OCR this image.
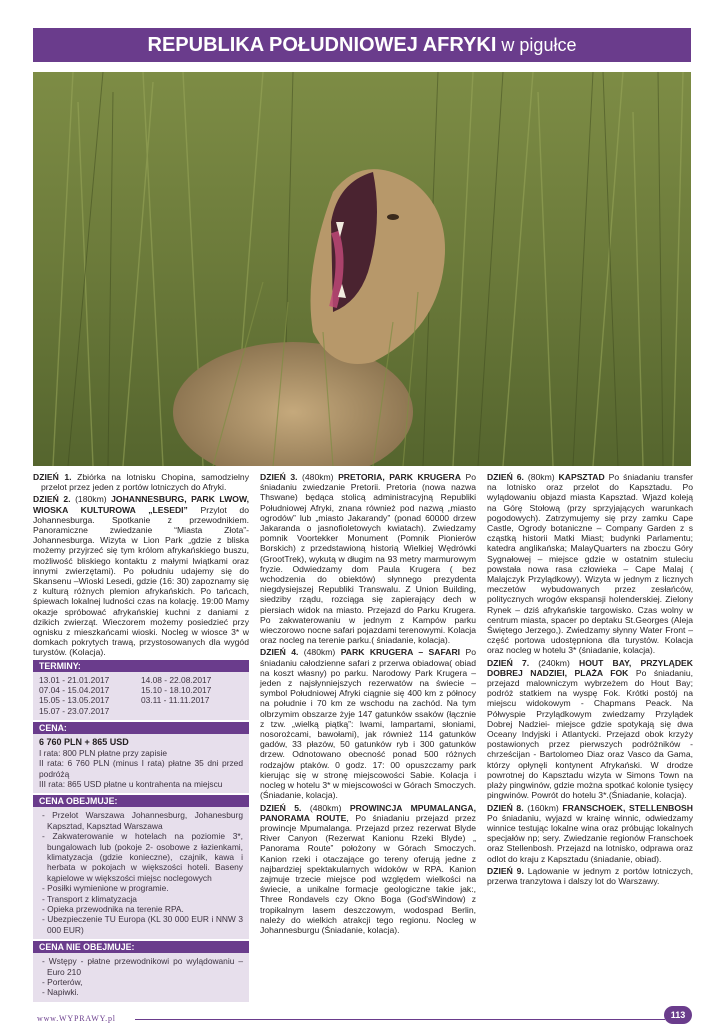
REPUBLIKA POŁUDNIOWEJ AFRYKI w pigułce

DZIEŃ 1. Zbiórka na lotnisku Chopina, samodzielny przelot przez jeden z portów lotniczych do Afryki.

DZIEŃ 2. (180km) JOHANNESBURG, PARK LWOW, WIOSKA KULTUROWA „LESEDI” Przylot do Johannesburga. Spotkanie z przewodnikiem. Panoramiczne zwiedzanie “Miasta Złota”- Johannesburga. Wizyta w Lion Park „gdzie z bliska możemy przyjrzeć się tym królom afrykańskiego buszu, możliwość bliskiego kontaktu z małymi lwiątkami oraz innymi zwierzętami). Po południu udajemy się do Skansenu –Wioski Lesedi, gdzie (16: 30) zapoznamy się z kulturą różnych plemion afrykańskich. Po tańcach, śpiewach lokalnej ludności czas na kolację. 19:00 Mamy okazje spróbować afrykańskiej kuchni z daniami z dzikich zwierząt. Wieczorem możemy posiedzieć przy ognisku z mieszkańcami wioski. Nocleg w wiosce 3* w domkach pokrytych trawą, przystosowanych dla wygód turystów. (Kolacja).

TERMINY:
13.01 - 21.01.2017	14.08 - 22.08.2017
07.04 - 15.04.2017	15.10 - 18.10.2017
15.05 - 13.05.2017	03.11 - 11.11.2017
15.07 - 23.07.2017
CENA:
6 760 PLN + 865 USD
I rata: 800 PLN płatne przy zapisie
II rata: 6 760 PLN (minus I rata) płatne 35 dni przed podróżą
III rata: 865 USD płatne u kontrahenta na miejscu
CENA OBEJMUJE:
- Przelot Warszawa Johannesburg, Johanesburg Kapsztad, Kapsztad Warszawa
- Zakwaterowanie w hotelach na poziomie 3*, bungalowach lub (pokoje 2- osobowe z łazienkami, klimatyzacja (gdzie konieczne), czajnik, kawa i herbata w pokojach w większości hoteli. Baseny kąpielowe w większości miejsc noclegowych
- Posiłki wymienione w programie.
- Transport z klimatyzacja
- Opieka przewodnika na terenie RPA.
- Ubezpieczenie TU Europa (KL 30 000 EUR i NNW 3 000 EUR)
CENA NIE OBEJMUJE:
- Wstępy - płatne przewodnikowi po wylądowaniu – Euro 210
- Porterów,
- Napiwki.

DZIEŃ 3. (480km) PRETORIA, PARK KRUGERA Po śniadaniu zwiedzanie Pretorii. Pretoria (nowa nazwa Thswane) będąca stolicą administracyjną Republiki Południowej Afryki, znana również pod nazwą „miasto ogrodów” lub „miasto Jakarandy” (ponad 60000 drzew Jakaranda o jasnofioletowych kwiatach). Zwiedzamy pomnik Voortekker Monument (Pomnik Pionierów Borskich) z przedstawioną historią Wielkiej Wędrówki (GrootTrek), wykutą w długim na 93 metry marmurowym fryzie. Odwiedzamy dom Paula Krugera ( bez wchodzenia do obiektów) słynnego prezydenta niegdysiejszej Republiki Transwalu. Z Union Building, siedziby rządu, rozciąga się zapierający dech w piersiach widok na miasto. Przejazd do Parku Krugera. Po zakwaterowaniu w jednym z Kampów parku wieczorowo nocne safari pojazdami terenowymi. Kolacja oraz nocleg na terenie parku.( śniadanie, kolacja).

DZIEŃ 4. (480km) PARK KRUGERA – SAFARI Po śniadaniu całodzienne safari z przerwa obiadowa( obiad na koszt własny) po parku. Narodowy Park Krugera – jeden z najsłynniejszych rezerwatów na świecie – symbol Południowej Afryki ciągnie się 400 km z północy na południe i 70 km ze wschodu na zachód. Na tym olbrzymim obszarze żyje 147 gatunków ssaków (łącznie z tzw. „wielką piątką”: lwami, lampartami, słoniami, nosorożcami, bawołami), jak również 114 gatunków gadów, 33 płazów, 50 gatunków ryb i 300 gatunków drzew. Odnotowano obecność ponad 500 różnych rodzajów ptaków. 0 godz. 17: 00 opuszczamy park kierując się w stronę miejscowości Sabie. Kolacja i nocleg w hotelu 3* w miejscowości w Górach Smoczych. (Śniadanie, kolacja).

DZIEŃ 5. (480km) PROWINCJA MPUMALANGA, PANORAMA ROUTE, Po śniadaniu przejazd przez prowincje Mpumalanga. Przejazd przez rezerwat Blyde River Canyon (Rezerwat Kanionu Rzeki Blyde) „ Panorama Route” położony w Górach Smoczych. Kanion rzeki i otaczające go tereny oferują jedne z najbardziej spektakularnych widoków w RPA. Kanion zajmuje trzecie miejsce pod względem wielkości na świecie, a unikalne formacje geologiczne takie jak:, Three Rondavels czy Okno Boga (God'sWindow) z tropikalnym lasem deszczowym, wodospad Berlin, należy do wielkich atrakcji tego regionu. Nocleg w Johannesburgu (Śniadanie, kolacja).

DZIEŃ 6. (80km) KAPSZTAD Po śniadaniu transfer na lotnisko oraz przelot do Kapsztadu. Po wylądowaniu objazd miasta Kapsztad. Wjazd koleją na Górę Stołową (przy sprzyjających warunkach pogodowych). Zatrzymujemy się przy zamku Cape Castle, Ogrody botaniczne – Company Garden z s cząstką historii Matki Miast; budynki Parlamentu; katedra anglikańska; MalayQuarters na zboczu Góry Sygnałowej – miejsce gdzie w ostatnim stuleciu powstała nowa rasa człowieka – Cape Malaj ( Malajczyk Przylądkowy). Wizyta w jednym z licznych meczetów wybudowanych przez zesłańców, politycznych wrogów ekspansji holenderskiej. Zielony Rynek – dziś afrykańskie targowisko. Czas wolny w centrum miasta, spacer po deptaku St.Georges (Aleja Świętego Jerzego,). Zwiedzamy słynny Water Front – część portowa udostępniona dla turystów. Kolacja oraz nocleg w hotelu 3* (śniadanie, kolacja).

DZIEŃ 7. (240km) HOUT BAY, PRZYLĄDEK DOBREJ NADZIEI, PLAŻA FOK Po śniadaniu, przejazd malowniczym wybrzeżem do Hout Bay; podróż statkiem na wyspę Fok. Krótki postój na miejscu widokowym - Chapmans Peack. Na Półwyspie Przylądkowym zwiedzamy Przylądek Dobrej Nadziei- miejsce gdzie spotykają się dwa Oceany Indyjski i Atlantycki. Przejazd obok krzyży postawionych przez pierwszych podróżników -chrześcijan - Bartolomeo Diaz oraz Vasco da Gama, którzy opłynęli kontynent Afrykański. W drodze powrotnej do Kapsztadu wizyta w Simons Town na plaży pingwinów, gdzie można spotkać kolonie tysięcy pingwinów. Powrót do hotelu 3*.(Śniadanie, kolacja).

DZIEŃ 8. (160km) FRANSCHOEK, STELLENBOSH Po śniadaniu, wyjazd w krainę winnic, odwiedzamy winnice testując lokalne wina oraz próbując lokalnych specjałów np; sery. Zwiedzanie regionów Franschoek oraz Stellenbosh. Przejazd na lotnisko, odprawa oraz odlot do kraju z Kapsztadu (śniadanie, obiad).

DZIEŃ 9. Lądowanie w jednym z portów lotniczych, przerwa tranzytowa i dalszy lot do Warszawy.

www.WYPRAWY.pl	113
